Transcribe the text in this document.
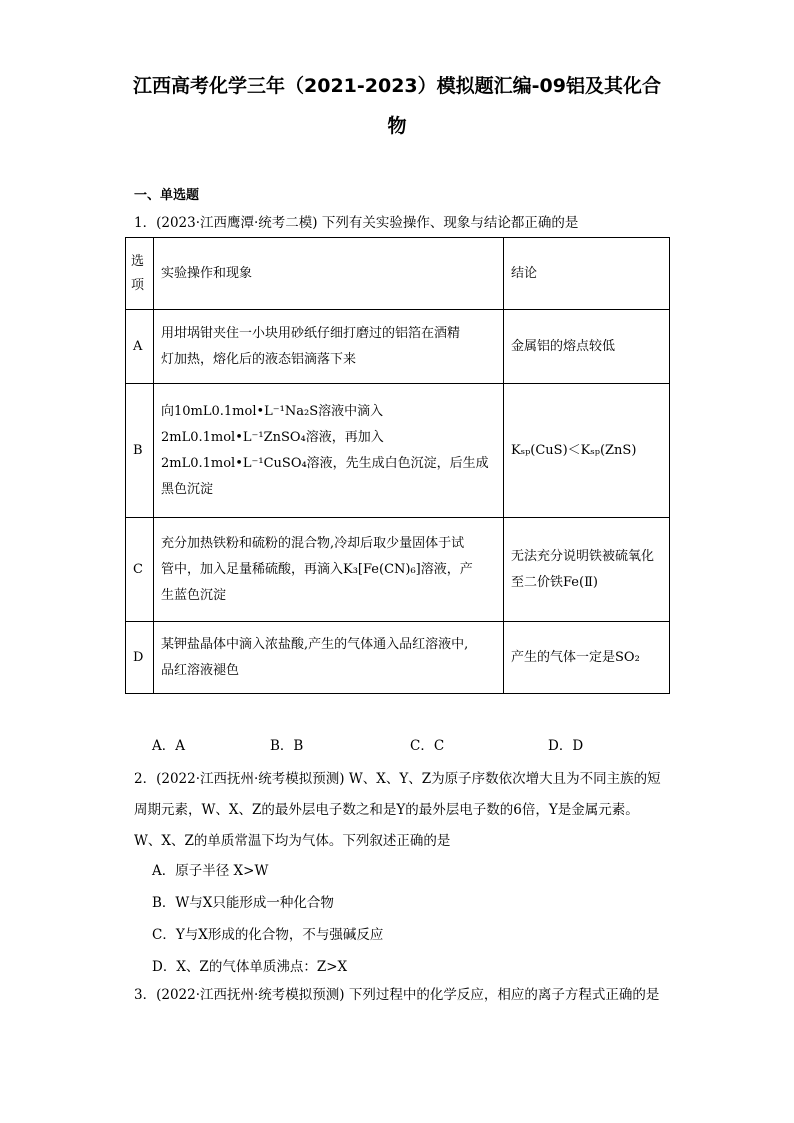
江西高考化学三年（2021-2023）模拟题汇编-09铝及其化合
物
一、单选题
1．(2023·江西鹰潭·统考二模) 下列有关实验操作、现象与结论都正确的是
选项	实验操作和现象	结论
A	用坩埚钳夹住一小块用砂纸仔细打磨过的铝箔在酒精
灯加热，熔化后的液态铝滴落下来	金属铝的熔点较低
B	向10mL0.1mol•L⁻¹Na₂S溶液中滴入
2mL0.1mol•L⁻¹ZnSO₄溶液，再加入
2mL0.1mol•L⁻¹CuSO₄溶液，先生成白色沉淀，后生成
黑色沉淀	Kₛₚ(CuS)＜Kₛₚ(ZnS)
C	充分加热铁粉和硫粉的混合物,冷却后取少量固体于试
管中，加入足量稀硫酸，再滴入K₃[Fe(CN)₆]溶液，产
生蓝色沉淀	无法充分说明铁被硫氧化至二价铁Fe(Ⅱ)
D	某钾盐晶体中滴入浓盐酸,产生的气体通入品红溶液中,
品红溶液褪色	产生的气体一定是SO₂
A．A	B．B	C．C	D．D
2．(2022·江西抚州·统考模拟预测) W、X、Y、Z为原子序数依次增大且为不同主族的短周期元素，W、X、Z的最外层电子数之和是Y的最外层电子数的6倍，Y是金属元素。W、X、Z的单质常温下均为气体。下列叙述正确的是
A．原子半径 X>W
B．W与X只能形成一种化合物
C．Y与X形成的化合物，不与强碱反应
D．X、Z的气体单质沸点：Z>X
3．(2022·江西抚州·统考模拟预测) 下列过程中的化学反应，相应的离子方程式正确的是
